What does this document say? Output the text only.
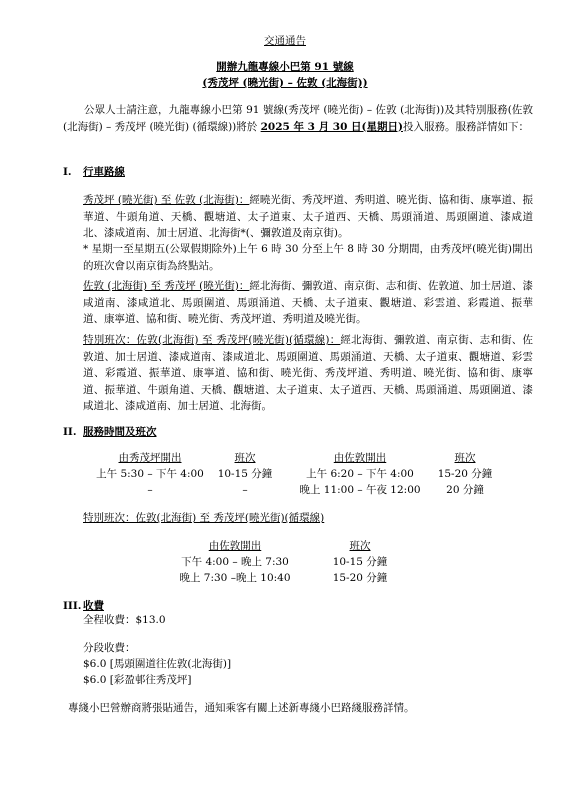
交通通告
開辦九龍專線小巴第 91 號線
(秀茂坪 (曉光街) – 佐敦 (北海街))
公眾人士請注意，九龍專線小巴第 91 號線(秀茂坪 (曉光街) – 佐敦 (北海街))及其特別服務(佐敦 (北海街) – 秀茂坪 (曉光街) (循環線))將於 2025 年 3 月 30 日(星期日)投入服務。服務詳情如下：
I. 行車路線
秀茂坪 (曉光街) 至 佐敦 (北海街)：經曉光街、秀茂坪道、秀明道、曉光街、協和街、康寧道、振華道、牛頭角道、天橋、觀塘道、太子道東、太子道西、天橋、馬頭涌道、馬頭圍道、漆咸道北、漆咸道南、加士居道、北海街*(、彌敦道及南京街)。
* 星期一至星期五(公眾假期除外)上午 6 時 30 分至上午 8 時 30 分期間，由秀茂坪(曉光街)開出的班次會以南京街為終點站。
佐敦 (北海街) 至 秀茂坪 (曉光街)：經北海街、彌敦道、南京街、志和街、佐敦道、加士居道、漆咸道南、漆咸道北、馬頭圍道、馬頭涌道、天橋、太子道東、觀塘道、彩雲道、彩霞道、振華道、康寧道、協和街、曉光街、秀茂坪道、秀明道及曉光街。
特別班次：佐敦(北海街) 至 秀茂坪(曉光街)(循環線)：經北海街、彌敦道、南京街、志和街、佐敦道、加士居道、漆咸道南、漆咸道北、馬頭圍道、馬頭涌道、天橋、太子道東、觀塘道、彩雲道、彩霞道、振華道、康寧道、協和街、曉光街、秀茂坪道、秀明道、曉光街、協和街、康寧道、振華道、牛頭角道、天橋、觀塘道、太子道東、太子道西、天橋、馬頭涌道、馬頭圍道、漆咸道北、漆咸道南、加士居道、北海街。
II. 服務時間及班次
由秀茂坪開出	班次	由佐敦開出	班次
上午 5:30 – 下午 4:00	10-15 分鐘	上午 6:20 – 下午 4:00	15-20 分鐘
–	–	晚上 11:00 – 午夜 12:00	20 分鐘
特別班次：佐敦(北海街) 至 秀茂坪(曉光街)(循環線)
由佐敦開出	班次
下午 4:00 – 晚上 7:30	10-15 分鐘
晚上 7:30 –晚上 10:40	15-20 分鐘
III. 收費
全程收費：$13.0
分段收費：
$6.0 [馬頭圍道往佐敦(北海街)]
$6.0 [彩盈邨往秀茂坪]
專綫小巴營辦商將張貼通告，通知乘客有關上述新專綫小巴路綫服務詳情。
